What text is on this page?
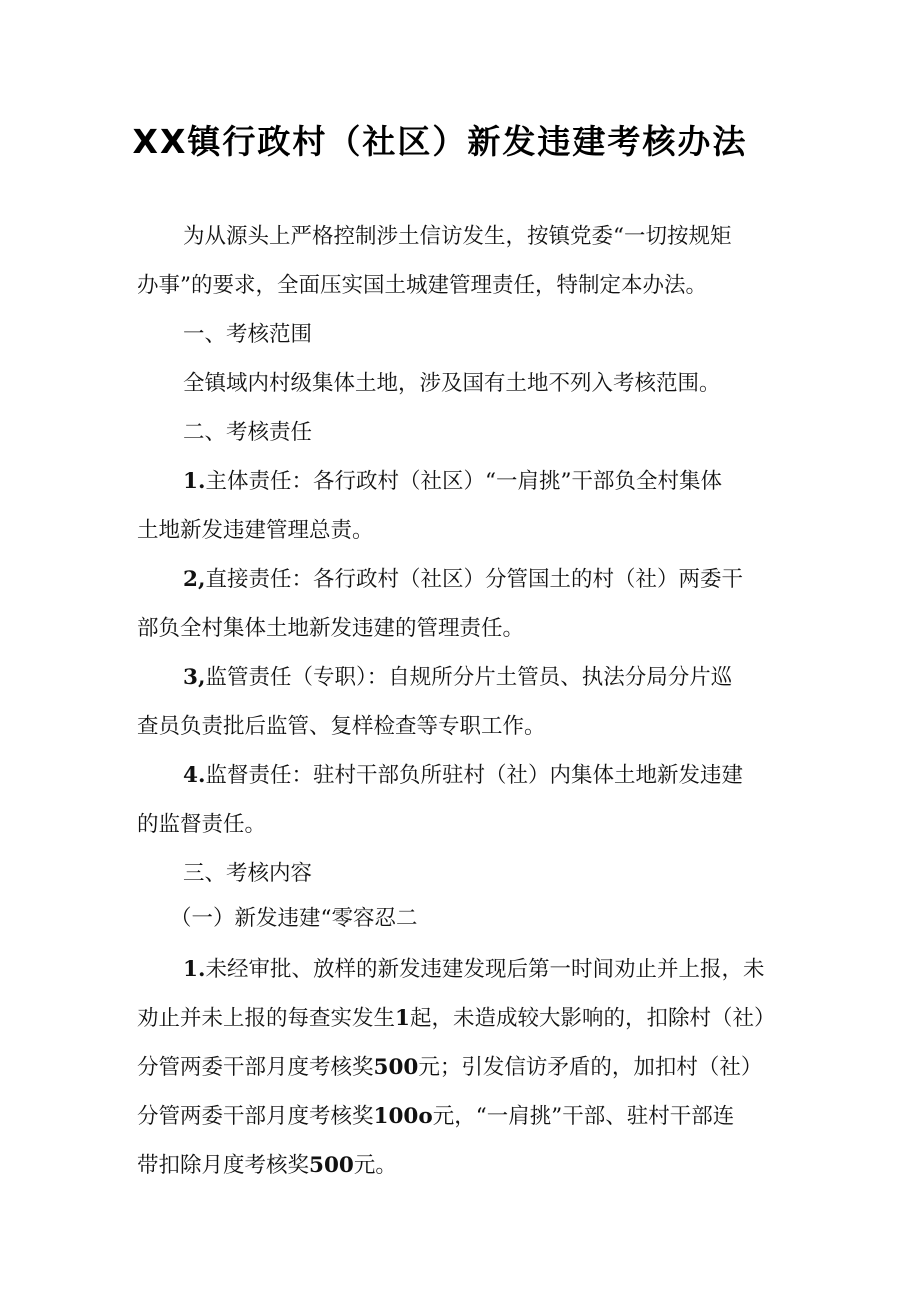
XX镇行政村（社区）新发违建考核办法
为从源头上严格控制涉土信访发生，按镇党委“一切按规矩
办事”的要求，全面压实国土城建管理责任，特制定本办法。
一、考核范围
全镇域内村级集体土地，涉及国有土地不列入考核范围。
二、考核责任
1.主体责任：各行政村（社区）“一肩挑”干部负全村集体
土地新发违建管理总责。
2,直接责任：各行政村（社区）分管国土的村（社）两委干
部负全村集体土地新发违建的管理责任。
3,监管责任（专职）：自规所分片土管员、执法分局分片巡
查员负责批后监管、复样检查等专职工作。
4.监督责任：驻村干部负所驻村（社）内集体土地新发违建
的监督责任。
三、考核内容
（一）新发违建“零容忍二
1.未经审批、放样的新发违建发现后第一时间劝止并上报，未
劝止并未上报的每查实发生1起，未造成较大影响的，扣除村（社）
分管两委干部月度考核奖500元；引发信访矛盾的，加扣村（社）
分管两委干部月度考核奖100o元，“一肩挑”干部、驻村干部连
带扣除月度考核奖500元。
